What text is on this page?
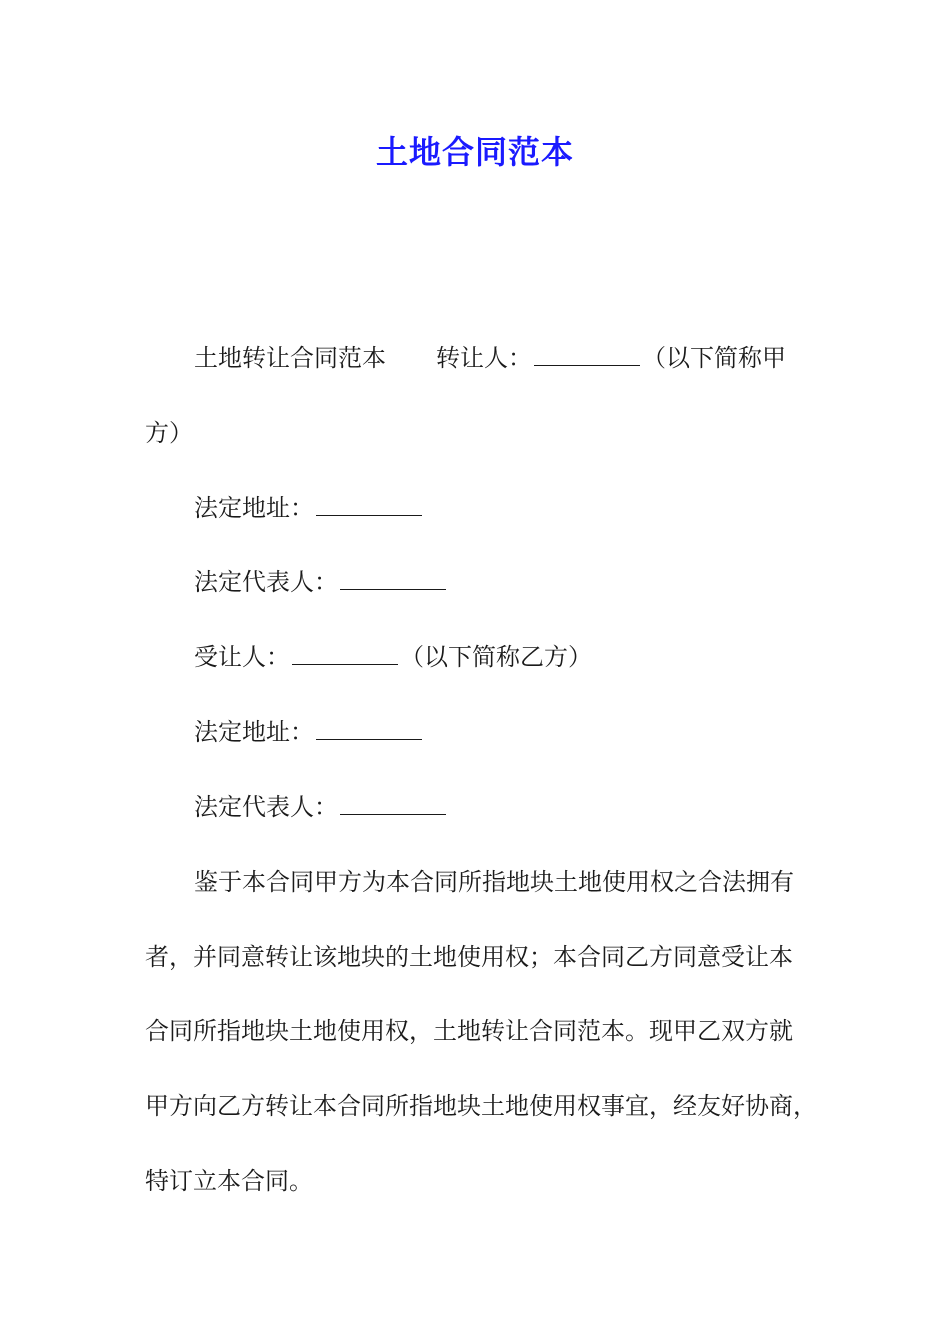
土地合同范本
土地转让合同范本 转让人：	（以下简称甲
方）
法定地址：
法定代表人：
受让人：	（以下简称乙方）
法定地址：
法定代表人：
鉴于本合同甲方为本合同所指地块土地使用权之合法拥有
者，并同意转让该地块的土地使用权；本合同乙方同意受让本
合同所指地块土地使用权，土地转让合同范本。现甲乙双方就
甲方向乙方转让本合同所指地块土地使用权事宜，经友好协商，
特订立本合同。
